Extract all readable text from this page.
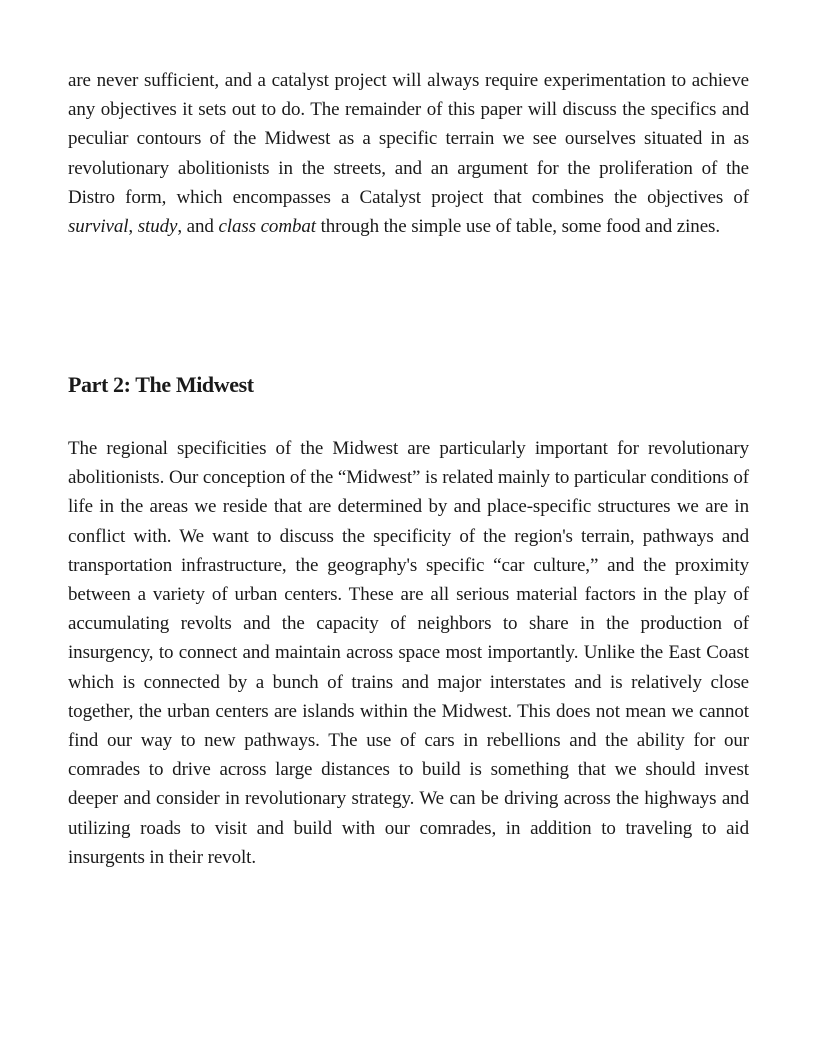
are never sufficient, and a catalyst project will always require experimentation to achieve any objectives it sets out to do. The remainder of this paper will discuss the specifics and peculiar contours of the Midwest as a specific terrain we see ourselves situated in as revolutionary abolitionists in the streets, and an argument for the proliferation of the Distro form, which encompasses a Catalyst project that combines the objectives of survival, study, and class combat through the simple use of table, some food and zines.

Part 2: The Midwest

The regional specificities of the Midwest are particularly important for revolutionary abolitionists. Our conception of the “Midwest” is related mainly to particular conditions of life in the areas we reside that are determined by and place-specific structures we are in conflict with. We want to discuss the specificity of the region's terrain, pathways and transportation infrastructure, the geography's specific “car culture,” and the proximity between a variety of urban centers. These are all serious material factors in the play of accumulating revolts and the capacity of neighbors to share in the production of insurgency, to connect and maintain across space most importantly. Unlike the East Coast which is connected by a bunch of trains and major interstates and is relatively close together, the urban centers are islands within the Midwest. This does not mean we cannot find our way to new pathways. The use of cars in rebellions and the ability for our comrades to drive across large distances to build is something that we should invest deeper and consider in revolutionary strategy. We can be driving across the highways and utilizing roads to visit and build with our comrades, in addition to traveling to aid insurgents in their revolt.
